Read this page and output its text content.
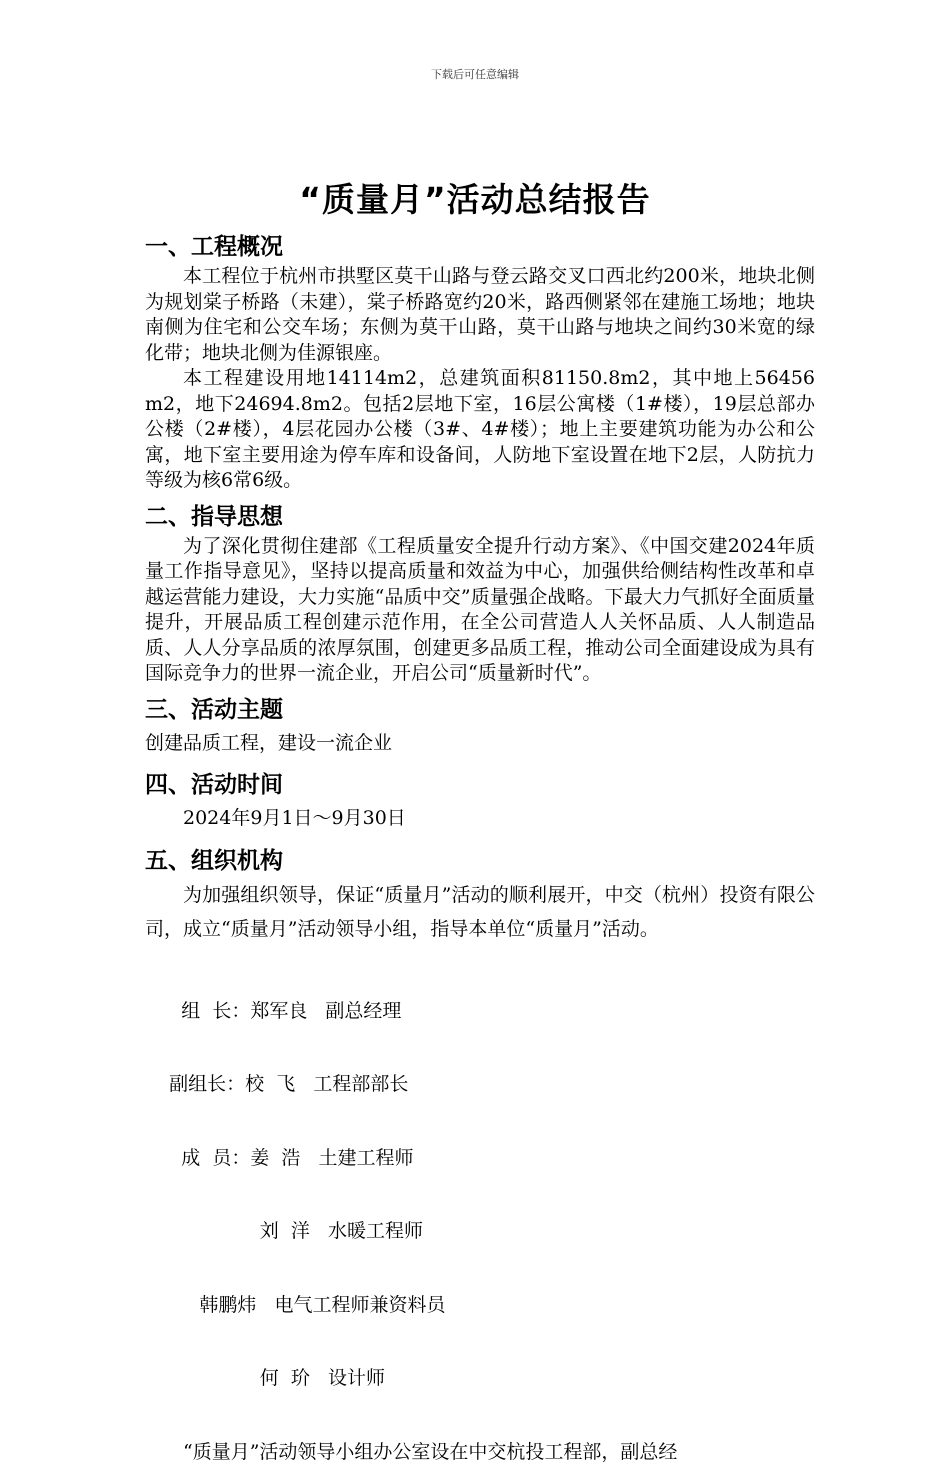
下载后可任意编辑
“质量月”活动总结报告
一、工程概况

本工程位于杭州市拱墅区莫干山路与登云路交叉口西北约200米，地块北侧为规划棠子桥路（未建），棠子桥路宽约20米，路西侧紧邻在建施工场地；地块南侧为住宅和公交车场；东侧为莫干山路，莫干山路与地块之间约30米宽的绿化带；地块北侧为佳源银座。

本工程建设用地14114m2，总建筑面积81150.8m2，其中地上56456 m2，地下24694.8m2。包括2层地下室，16层公寓楼（1#楼），19层总部办公楼（2#楼），4层花园办公楼（3#、4#楼）；地上主要建筑功能为办公和公寓，地下室主要用途为停车库和设备间，人防地下室设置在地下2层，人防抗力等级为核6常6级。

二、指导思想

为了深化贯彻住建部《工程质量安全提升行动方案》、《中国交建2024年质量工作指导意见》，坚持以提高质量和效益为中心，加强供给侧结构性改革和卓越运营能力建设，大力实施“品质中交”质量强企战略。下最大力气抓好全面质量提升，开展品质工程创建示范作用，在全公司营造人人关怀品质、人人制造品质、人人分享品质的浓厚氛围，创建更多品质工程，推动公司全面建设成为具有国际竞争力的世界一流企业，开启公司“质量新时代”。

三、活动主题

创建品质工程，建设一流企业

四、活动时间

2024年9月1日～9月30日

五、组织机构

为加强组织领导，保证“质量月”活动的顺利展开，中交（杭州）投资有限公司，成立“质量月”活动领导小组，指导本单位“质量月”活动。

组  长：郑军良   副总经理

副组长：校  飞   工程部部长

成  员：姜  浩   土建工程师

刘  洋   水暖工程师

韩鹏炜   电气工程师兼资料员

何  玠   设计师

“质量月”活动领导小组办公室设在中交杭投工程部，副总经
